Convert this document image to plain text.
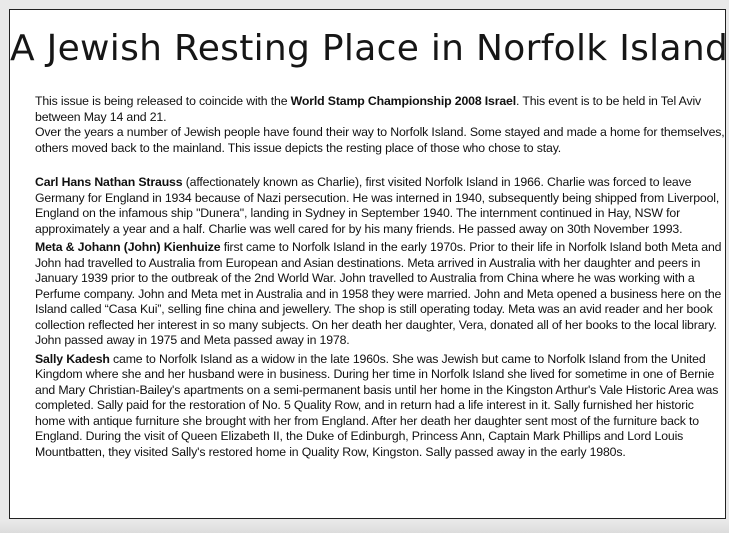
A Jewish Resting Place in Norfolk Island

This issue is being released to coincide with the World Stamp Championship 2008 Israel. This event is to be held in Tel Aviv between May 14 and 21.

Over the years a number of Jewish people have found their way to Norfolk Island. Some stayed and made a home for themselves, others moved back to the mainland. This issue depicts the resting place of those who chose to stay.

Carl Hans Nathan Strauss (affectionately known as Charlie), first visited Norfolk Island in 1966. Charlie was forced to leave Germany for England in 1934 because of Nazi persecution. He was interned in 1940, subsequently being shipped from Liverpool, England on the infamous ship "Dunera", landing in Sydney in September 1940. The internment continued in Hay, NSW for approximately a year and a half. Charlie was well cared for by his many friends. He passed away on 30th November 1993.

Meta & Johann (John) Kienhuize first came to Norfolk Island in the early 1970s. Prior to their life in Norfolk Island both Meta and John had travelled to Australia from European and Asian destinations. Meta arrived in Australia with her daughter and peers in January 1939 prior to the outbreak of the 2nd World War. John travelled to Australia from China where he was working with a Perfume company. John and Meta met in Australia and in 1958 they were married. John and Meta opened a business here on the Island called “Casa Kui”, selling fine china and jewellery. The shop is still operating today. Meta was an avid reader and her book collection reflected her interest in so many subjects. On her death her daughter, Vera, donated all of her books to the local library. John passed away in 1975 and Meta passed away in 1978.

Sally Kadesh came to Norfolk Island as a widow in the late 1960s. She was Jewish but came to Norfolk Island from the United Kingdom where she and her husband were in business. During her time in Norfolk Island she lived for sometime in one of Bernie and Mary Christian-Bailey's apartments on a semi-permanent basis until her home in the Kingston Arthur's Vale Historic Area was completed. Sally paid for the restoration of No. 5 Quality Row, and in return had a life interest in it. Sally furnished her historic home with antique furniture she brought with her from England. After her death her daughter sent most of the furniture back to England. During the visit of Queen Elizabeth II, the Duke of Edinburgh, Princess Ann, Captain Mark Phillips and Lord Louis Mountbatten, they visited Sally's restored home in Quality Row, Kingston. Sally passed away in the early 1980s.
